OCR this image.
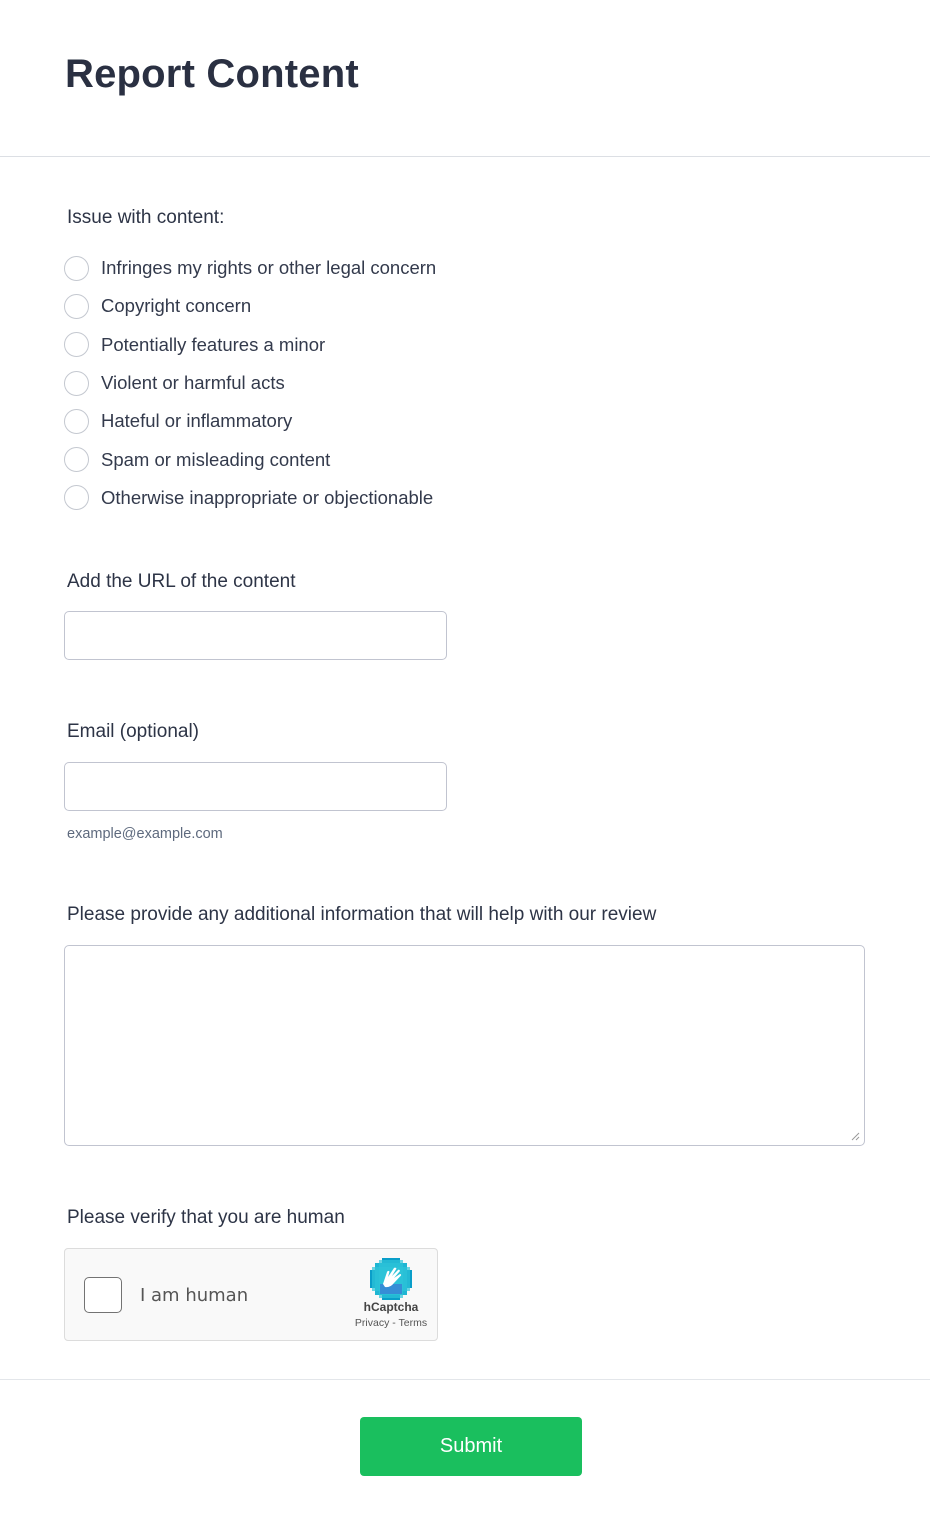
Report Content
Issue with content:
Infringes my rights or other legal concern
Copyright concern
Potentially features a minor
Violent or harmful acts
Hateful or inflammatory
Spam or misleading content
Otherwise inappropriate or objectionable
Add the URL of the content
Email (optional)
example@example.com
Please provide any additional information that will help with our review
Please verify that you are human
I am human
hCaptcha
Privacy - Terms
Submit
